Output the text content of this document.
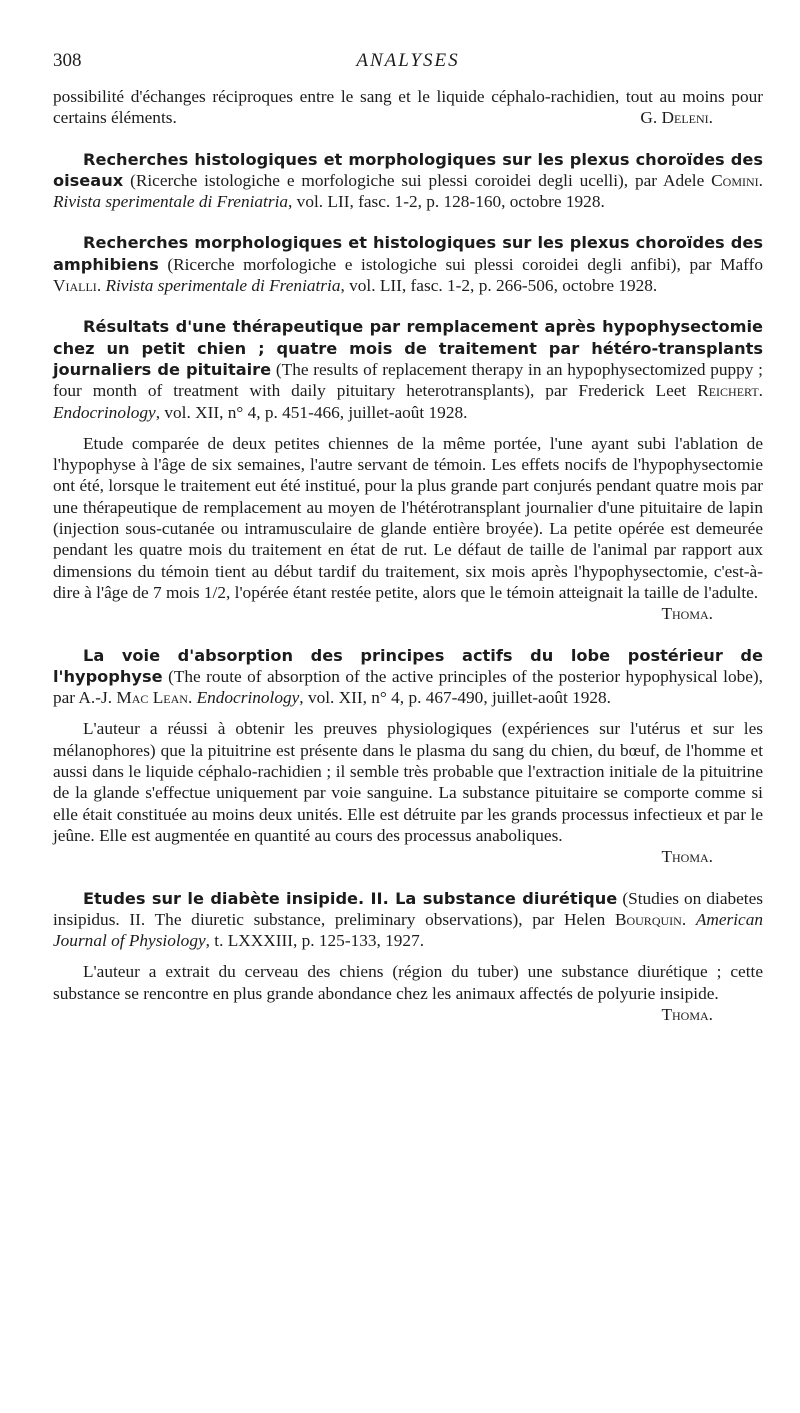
308	ANALYSES

possibilité d'échanges réciproques entre le sang et le liquide céphalo-rachidien, tout au moins pour certains éléments.	G. Deleni.

Recherches histologiques et morphologiques sur les plexus choroïdes des oiseaux (Ricerche istologiche e morfologiche sui plessi coroidei degli ucelli), par Adele Comini. Rivista sperimentale di Freniatria, vol. LII, fasc. 1-2, p. 128-160, octobre 1928.

Recherches morphologiques et histologiques sur les plexus choroïdes des amphibiens (Ricerche morfologiche e istologiche sui plessi coroidei degli anfibi), par Maffo Vialli. Rivista sperimentale di Freniatria, vol. LII, fasc. 1-2, p. 266-506, octobre 1928.

Résultats d'une thérapeutique par remplacement après hypophysectomie chez un petit chien ; quatre mois de traitement par hétéro-transplants journaliers de pituitaire (The results of replacement therapy in an hypophysectomized puppy ; four month of treatment with daily pituitary heterotransplants), par Frederick Leet Reichert. Endocrinology, vol. XII, n° 4, p. 451-466, juillet-août 1928.

Etude comparée de deux petites chiennes de la même portée, l'une ayant subi l'ablation de l'hypophyse à l'âge de six semaines, l'autre servant de témoin. Les effets nocifs de l'hypophysectomie ont été, lorsque le traitement eut été institué, pour la plus grande part conjurés pendant quatre mois par une thérapeutique de remplacement au moyen de l'hétérotransplant journalier d'une pituitaire de lapin (injection sous-cutanée ou intramusculaire de glande entière broyée). La petite opérée est demeurée pendant les quatre mois du traitement en état de rut. Le défaut de taille de l'animal par rapport aux dimensions du témoin tient au début tardif du traitement, six mois après l'hypophysectomie, c'est-à-dire à l'âge de 7 mois 1/2, l'opérée étant restée petite, alors que le témoin atteignait la taille de l'adulte.

Thoma.

La voie d'absorption des principes actifs du lobe postérieur de l'hypophyse (The route of absorption of the active principles of the posterior hypophysical lobe), par A.-J. Mac Lean. Endocrinology, vol. XII, n° 4, p. 467-490, juillet-août 1928.

L'auteur a réussi à obtenir les preuves physiologiques (expériences sur l'utérus et sur les mélanophores) que la pituitrine est présente dans le plasma du sang du chien, du bœuf, de l'homme et aussi dans le liquide céphalo-rachidien ; il semble très probable que l'extraction initiale de la pituitrine de la glande s'effectue uniquement par voie sanguine. La substance pituitaire se comporte comme si elle était constituée au moins deux unités. Elle est détruite par les grands processus infectieux et par le jeûne. Elle est augmentée en quantité au cours des processus anaboliques.

Thoma.

Etudes sur le diabète insipide. II. La substance diurétique (Studies on diabetes insipidus. II. The diuretic substance, preliminary observations), par Helen Bourquin. American Journal of Physiology, t. LXXXIII, p. 125-133, 1927.

L'auteur a extrait du cerveau des chiens (région du tuber) une substance diurétique ; cette substance se rencontre en plus grande abondance chez les animaux affectés de polyurie insipide.
Thoma.
